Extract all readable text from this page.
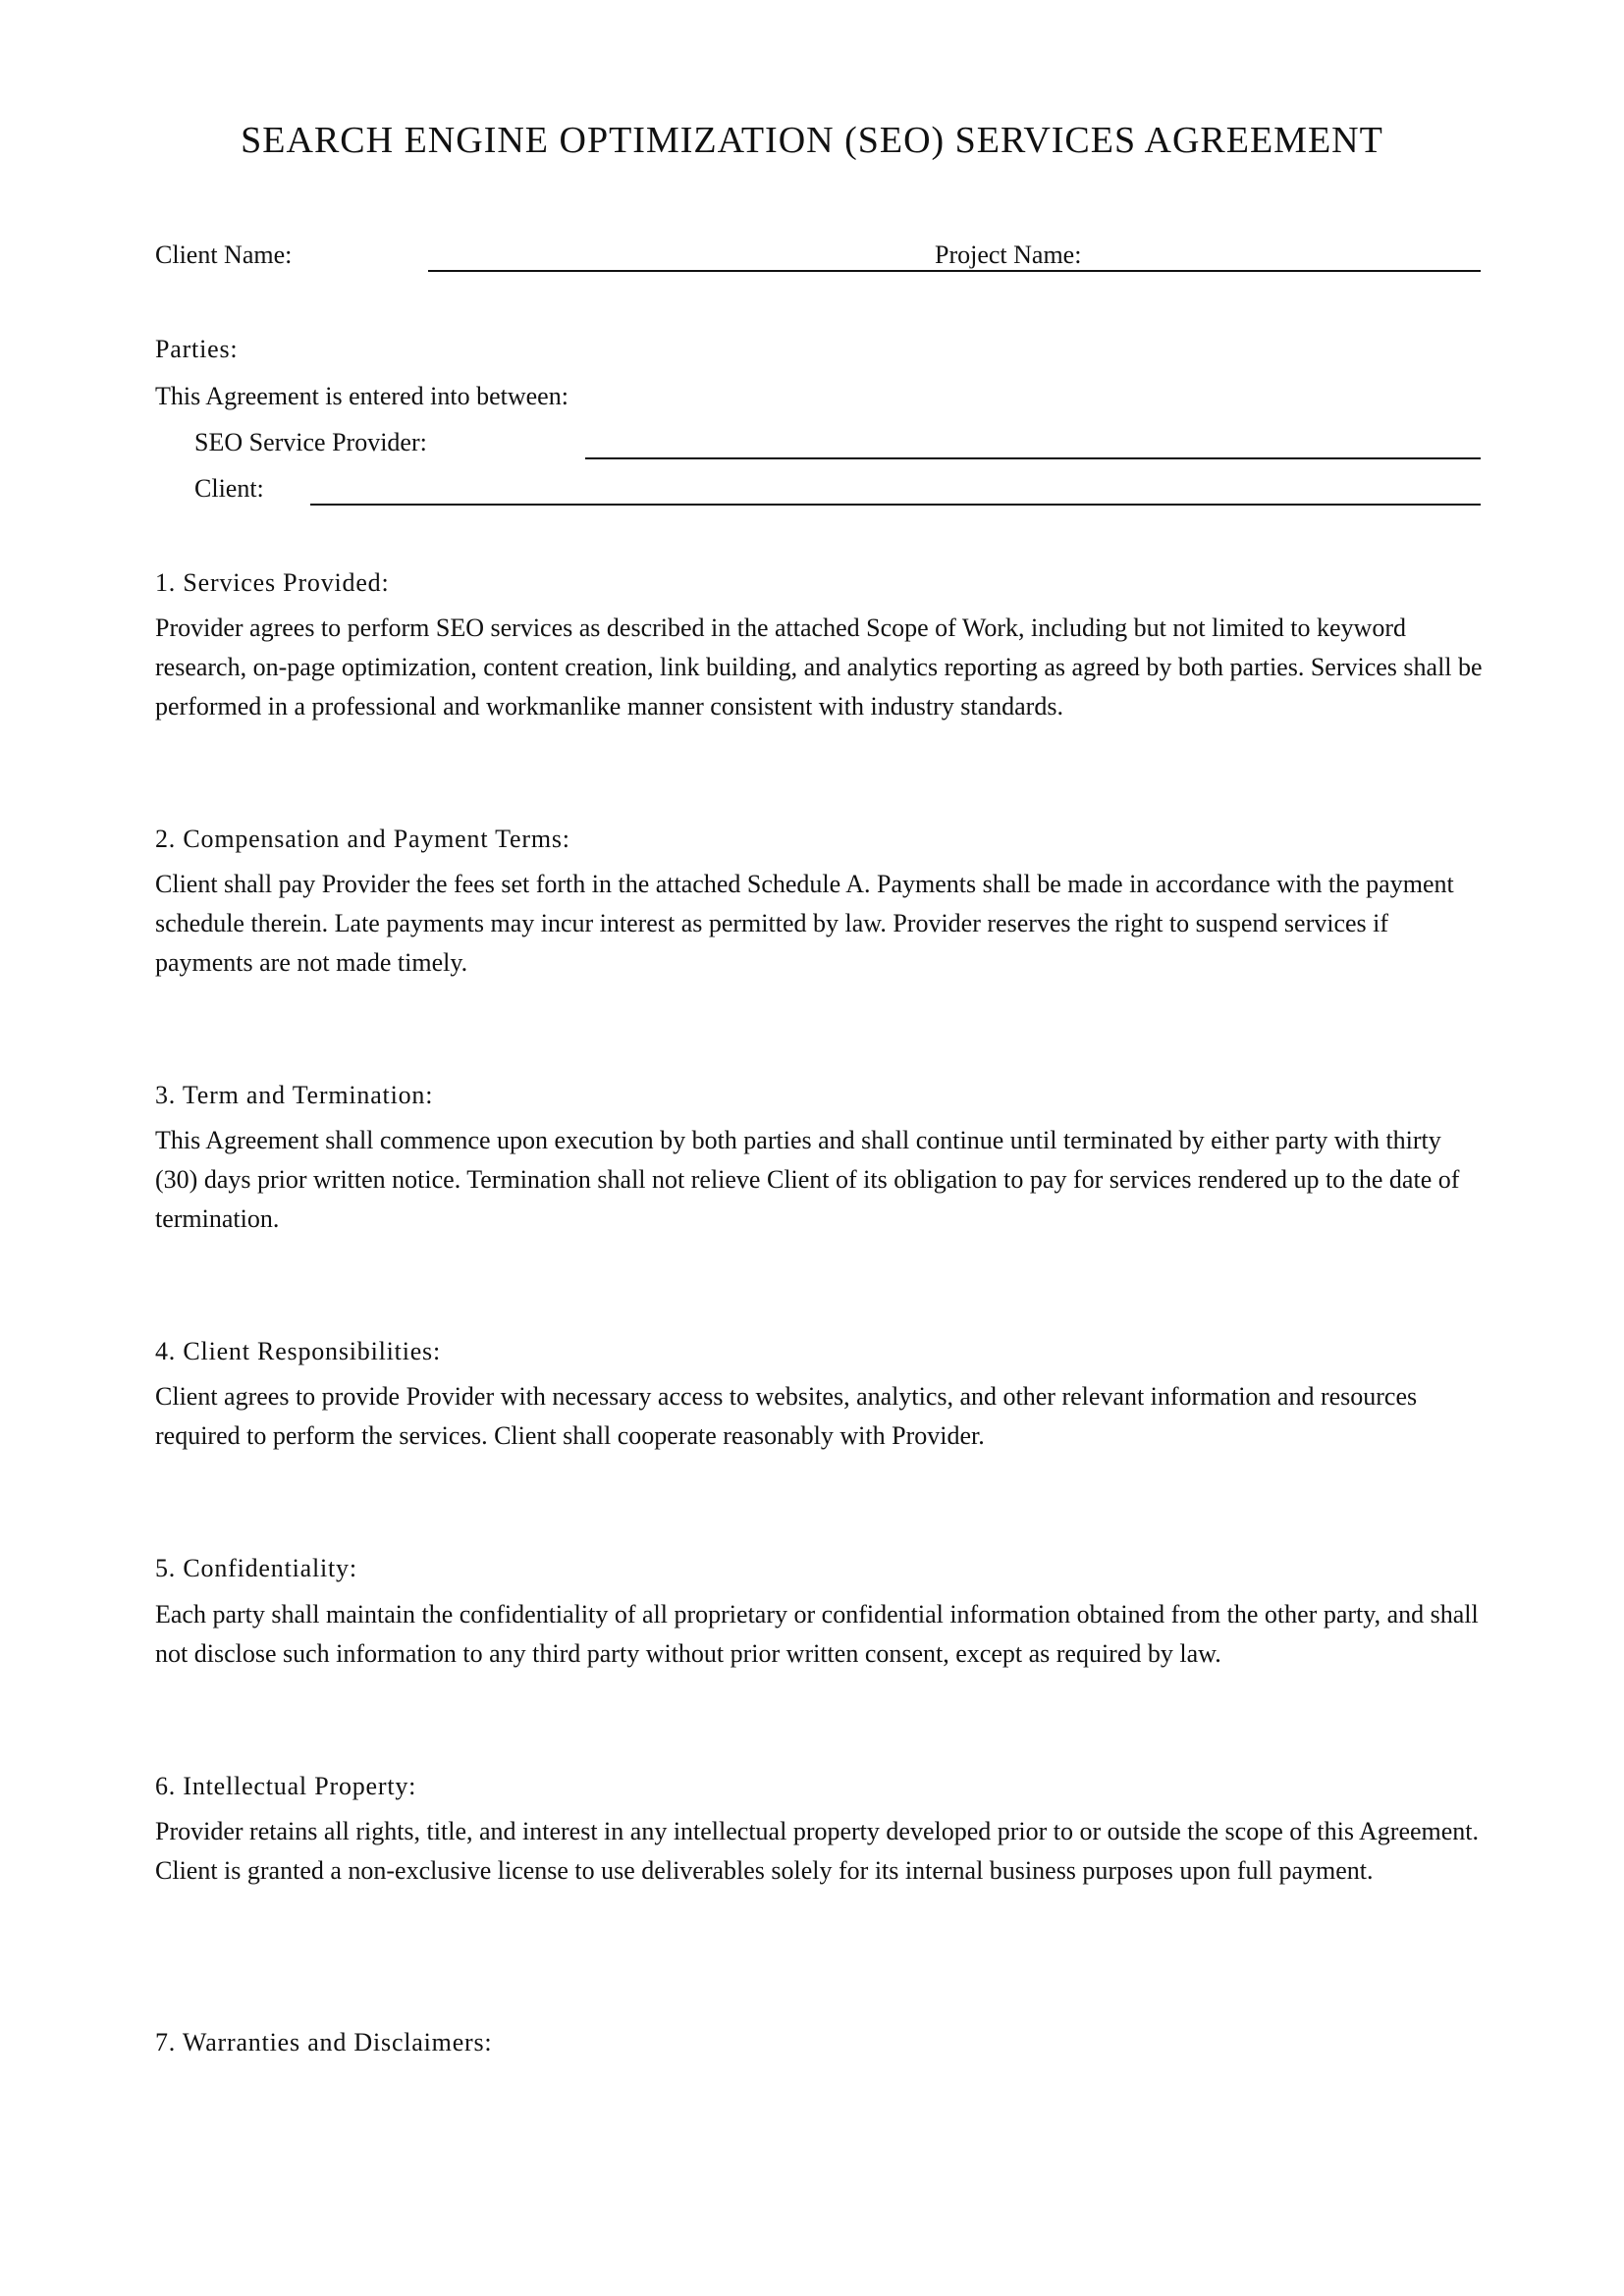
SEARCH ENGINE OPTIMIZATION (SEO) SERVICES AGREEMENT
Client Name:	Project Name:
Parties:
This Agreement is entered into between:
SEO Service Provider:
Client:
1. Services Provided:
Provider agrees to perform SEO services as described in the attached Scope of Work, including but not limited to keyword research, on-page optimization, content creation, link building, and analytics reporting as agreed by both parties. Services shall be performed in a professional and workmanlike manner consistent with industry standards.
2. Compensation and Payment Terms:
Client shall pay Provider the fees set forth in the attached Schedule A. Payments shall be made in accordance with the payment schedule therein. Late payments may incur interest as permitted by law. Provider reserves the right to suspend services if payments are not made timely.
3. Term and Termination:
This Agreement shall commence upon execution by both parties and shall continue until terminated by either party with thirty (30) days prior written notice. Termination shall not relieve Client of its obligation to pay for services rendered up to the date of termination.
4. Client Responsibilities:
Client agrees to provide Provider with necessary access to websites, analytics, and other relevant information and resources required to perform the services. Client shall cooperate reasonably with Provider.
5. Confidentiality:
Each party shall maintain the confidentiality of all proprietary or confidential information obtained from the other party, and shall not disclose such information to any third party without prior written consent, except as required by law.
6. Intellectual Property:
Provider retains all rights, title, and interest in any intellectual property developed prior to or outside the scope of this Agreement. Client is granted a non-exclusive license to use deliverables solely for its internal business purposes upon full payment.
7. Warranties and Disclaimers:
